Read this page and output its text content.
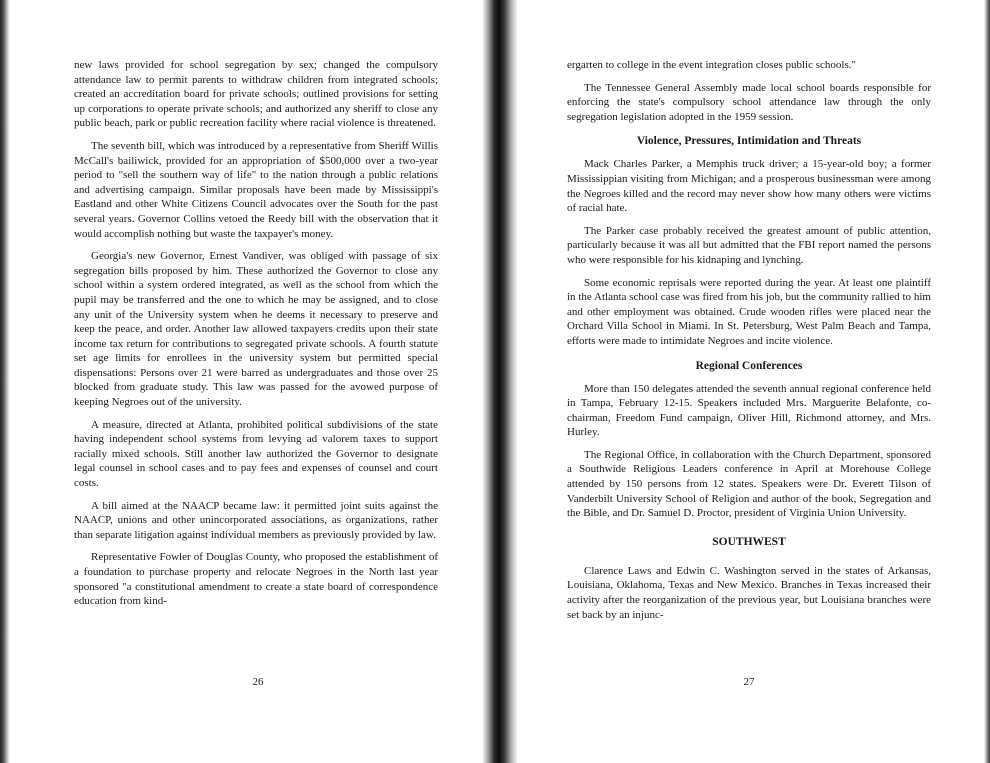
new laws provided for school segregation by sex; changed the compulsory attendance law to permit parents to withdraw children from integrated schools; created an accreditation board for private schools; outlined provisions for setting up corporations to operate private schools; and authorized any sheriff to close any public beach, park or public recreation facility where racial violence is threatened.

The seventh bill, which was introduced by a representative from Sheriff Willis McCall's bailiwick, provided for an appropriation of $500,000 over a two-year period to "sell the southern way of life" to the nation through a public relations and advertising campaign. Similar proposals have been made by Mississippi's Eastland and other White Citizens Council advocates over the South for the past several years. Governor Collins vetoed the Reedy bill with the observation that it would accomplish nothing but waste the taxpayer's money.

Georgia's new Governor, Ernest Vandiver, was obliged with passage of six segregation bills proposed by him. These authorized the Governor to close any school within a system ordered integrated, as well as the school from which the pupil may be transferred and the one to which he may be assigned, and to close any unit of the University system when he deems it necessary to preserve and keep the peace, and order. Another law allowed taxpayers credits upon their state income tax return for contributions to segregated private schools. A fourth statute set age limits for enrollees in the university system but permitted special dispensations: Persons over 21 were barred as undergraduates and those over 25 blocked from graduate study. This law was passed for the avowed purpose of keeping Negroes out of the university.

A measure, directed at Atlanta, prohibited political subdivisions of the state having independent school systems from levying ad valorem taxes to support racially mixed schools. Still another law authorized the Governor to designate legal counsel in school cases and to pay fees and expenses of counsel and court costs.

A bill aimed at the NAACP became law: it permitted joint suits against the NAACP, unions and other unincorporated associations, as organizations, rather than separate litigation against individual members as previously provided by law.

Representative Fowler of Douglas County, who proposed the establishment of a foundation to purchase property and relocate Negroes in the North last year sponsored "a constitutional amendment to create a state board of correspondence education from kind-

26

ergarten to college in the event integration closes public schools."

The Tennessee General Assembly made local school boards responsible for enforcing the state's compulsory school attendance law through the only segregation legislation adopted in the 1959 session.

Violence, Pressures, Intimidation and Threats

Mack Charles Parker, a Memphis truck driver; a 15-year-old boy; a former Mississippian visiting from Michigan; and a prosperous businessman were among the Negroes killed and the record may never show how many others were victims of racial hate.

The Parker case probably received the greatest amount of public attention, particularly because it was all but admitted that the FBI report named the persons who were responsible for his kidnaping and lynching.

Some economic reprisals were reported during the year. At least one plaintiff in the Atlanta school case was fired from his job, but the community rallied to him and other employment was obtained. Crude wooden rifles were placed near the Orchard Villa School in Miami. In St. Petersburg, West Palm Beach and Tampa, efforts were made to intimidate Negroes and incite violence.

Regional Conferences

More than 150 delegates attended the seventh annual regional conference held in Tampa, February 12-15. Speakers included Mrs. Marguerite Belafonte, co-chairman, Freedom Fund campaign, Oliver Hill, Richmond attorney, and Mrs. Hurley.

The Regional Office, in collaboration with the Church Department, sponsored a Southwide Religious Leaders conference in April at Morehouse College attended by 150 persons from 12 states. Speakers were Dr. Everett Tilson of Vanderbilt University School of Religion and author of the book, Segregation and the Bible, and Dr. Samuel D. Proctor, president of Virginia Union University.

SOUTHWEST

Clarence Laws and Edwin C. Washington served in the states of Arkansas, Louisiana, Oklahoma, Texas and New Mexico. Branches in Texas increased their activity after the reorganization of the previous year, but Louisiana branches were set back by an injunc-

27
